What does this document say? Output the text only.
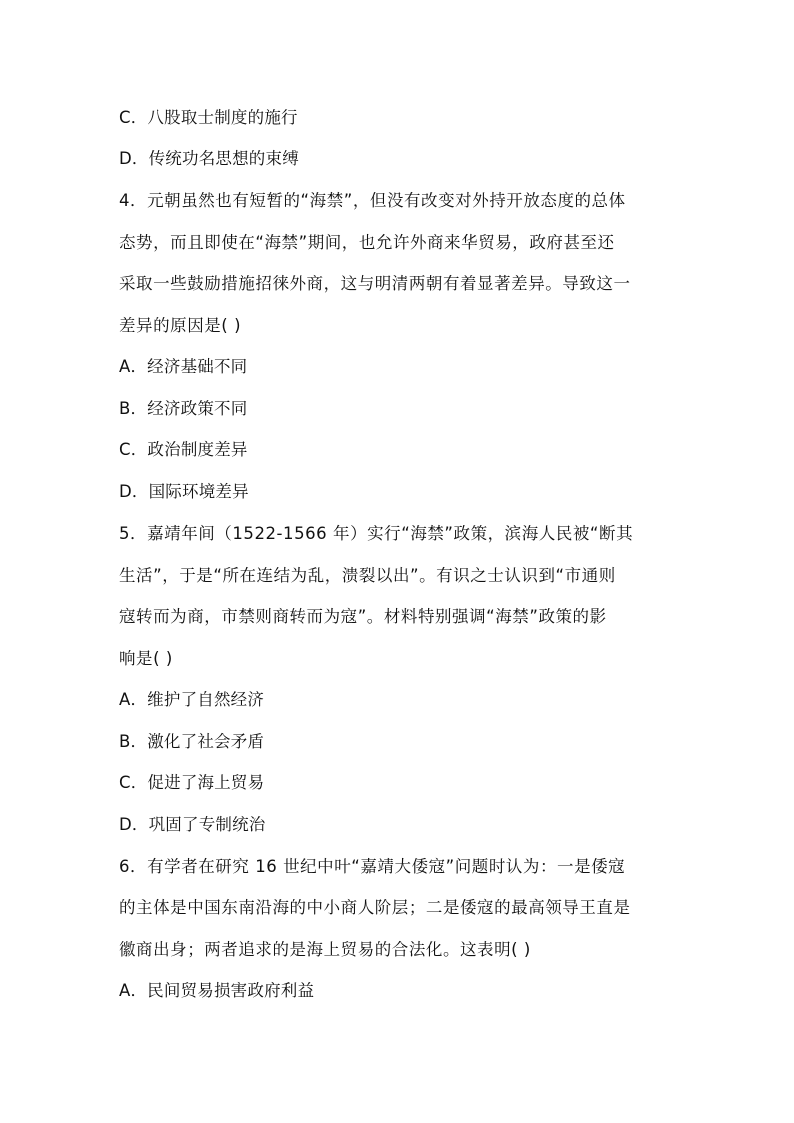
C．八股取士制度的施行
D．传统功名思想的束缚
4．元朝虽然也有短暂的“海禁”，但没有改变对外持开放态度的总体
态势，而且即使在“海禁”期间，也允许外商来华贸易，政府甚至还
采取一些鼓励措施招徕外商，这与明清两朝有着显著差异。导致这一
差异的原因是( )
A．经济基础不同
B．经济政策不同
C．政治制度差异
D．国际环境差异
5．嘉靖年间（1522-1566 年）实行“海禁”政策，滨海人民被“断其
生活”，于是“所在连结为乱，溃裂以出”。有识之士认识到“市通则
寇转而为商，市禁则商转而为寇”。材料特别强调“海禁”政策的影
响是( )
A．维护了自然经济
B．激化了社会矛盾
C．促进了海上贸易
D．巩固了专制统治
6．有学者在研究 16 世纪中叶“嘉靖大倭寇”问题时认为：一是倭寇
的主体是中国东南沿海的中小商人阶层；二是倭寇的最高领导王直是
徽商出身；两者追求的是海上贸易的合法化。这表明( )
A．民间贸易损害政府利益
